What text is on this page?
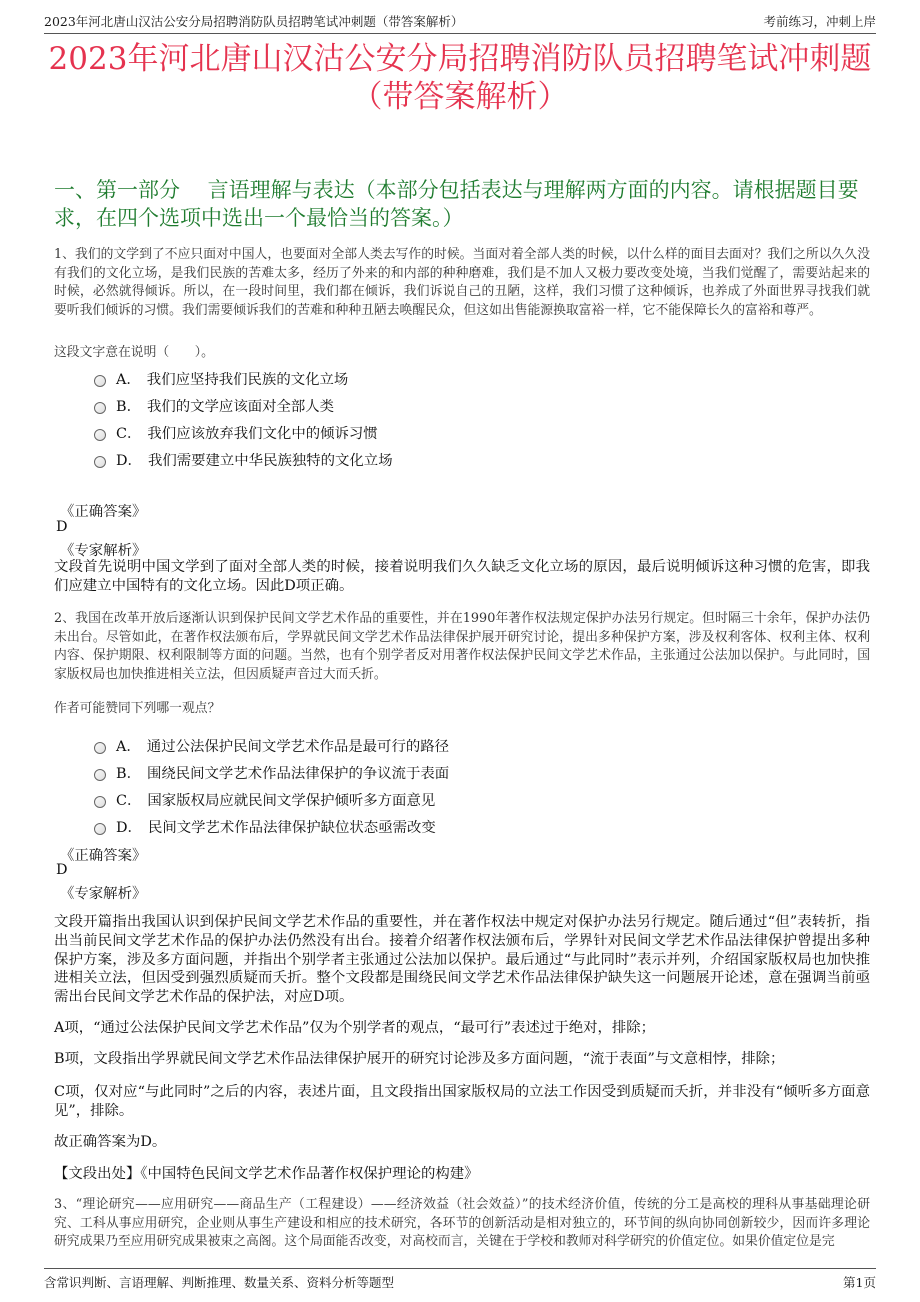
2023年河北唐山汉沽公安分局招聘消防队员招聘笔试冲刺题（带答案解析）	考前练习，冲刺上岸
2023年河北唐山汉沽公安分局招聘消防队员招聘笔试冲刺题
（带答案解析）
一、第一部分　 言语理解与表达（本部分包括表达与理解两方面的内容。请根据题目要求，在四个选项中选出一个最恰当的答案。）
1、我们的文学到了不应只面对中国人，也要面对全部人类去写作的时候。当面对着全部人类的时候，以什么样的面目去面对？我们之所以久久没有我们的文化立场，是我们民族的苦难太多，经历了外来的和内部的种种磨难，我们是不加人又极力要改变处境，当我们觉醒了，需要站起来的时候，必然就得倾诉。所以，在一段时间里，我们都在倾诉，我们诉说自己的丑陋，这样，我们习惯了这种倾诉，也养成了外面世界寻找我们就要听我们倾诉的习惯。我们需要倾诉我们的苦难和种种丑陋去唤醒民众，但这如出售能源换取富裕一样，它不能保障长久的富裕和尊严。
这段文字意在说明（　　）。
A． 我们应坚持我们民族的文化立场
B． 我们的文学应该面对全部人类
C． 我们应该放弃我们文化中的倾诉习惯
D． 我们需要建立中华民族独特的文化立场
《正确答案》
D
《专家解析》
文段首先说明中国文学到了面对全部人类的时候，接着说明我们久久缺乏文化立场的原因，最后说明倾诉这种习惯的危害，即我们应建立中国特有的文化立场。因此D项正确。
2、我国在改革开放后逐渐认识到保护民间文学艺术作品的重要性，并在1990年著作权法规定保护办法另行规定。但时隔三十余年，保护办法仍未出台。尽管如此，在著作权法颁布后，学界就民间文学艺术作品法律保护展开研究讨论，提出多种保护方案，涉及权利客体、权利主体、权利内容、保护期限、权利限制等方面的问题。当然，也有个别学者反对用著作权法保护民间文学艺术作品，主张通过公法加以保护。与此同时，国家版权局也加快推进相关立法，但因质疑声音过大而夭折。
作者可能赞同下列哪一观点？
A． 通过公法保护民间文学艺术作品是最可行的路径
B． 围绕民间文学艺术作品法律保护的争议流于表面
C． 国家版权局应就民间文学保护倾听多方面意见
D． 民间文学艺术作品法律保护缺位状态亟需改变
《正确答案》
D
《专家解析》
文段开篇指出我国认识到保护民间文学艺术作品的重要性，并在著作权法中规定对保护办法另行规定。随后通过“但”表转折，指出当前民间文学艺术作品的保护办法仍然没有出台。接着介绍著作权法颁布后，学界针对民间文学艺术作品法律保护曾提出多种保护方案，涉及多方面问题，并指出个别学者主张通过公法加以保护。最后通过“与此同时”表示并列，介绍国家版权局也加快推进相关立法，但因受到强烈质疑而夭折。整个文段都是围绕民间文学艺术作品法律保护缺失这一问题展开论述，意在强调当前亟需出台民间文学艺术作品的保护法，对应D项。
A项，“通过公法保护民间文学艺术作品”仅为个别学者的观点，“最可行”表述过于绝对，排除；
B项，文段指出学界就民间文学艺术作品法律保护展开的研究讨论涉及多方面问题，“流于表面”与文意相悖，排除；
C项，仅对应“与此同时”之后的内容，表述片面，且文段指出国家版权局的立法工作因受到质疑而夭折，并非没有“倾听多方面意见”，排除。
故正确答案为D。
【文段出处】《中国特色民间文学艺术作品著作权保护理论的构建》
3、“理论研究——应用研究——商品生产（工程建设）——经济效益（社会效益）”的技术经济价值，传统的分工是高校的理科从事基础理论研究、工科从事应用研究，企业则从事生产建设和相应的技术研究，各环节的创新活动是相对独立的，环节间的纵向协同创新较少，因而许多理论研究成果乃至应用研究成果被束之高阁。这个局面能否改变，对高校而言，关键在于学校和教师对科学研究的价值定位。如果价值定位是完
含常识判断、言语理解、判断推理、数量关系、资料分析等题型	第1页
